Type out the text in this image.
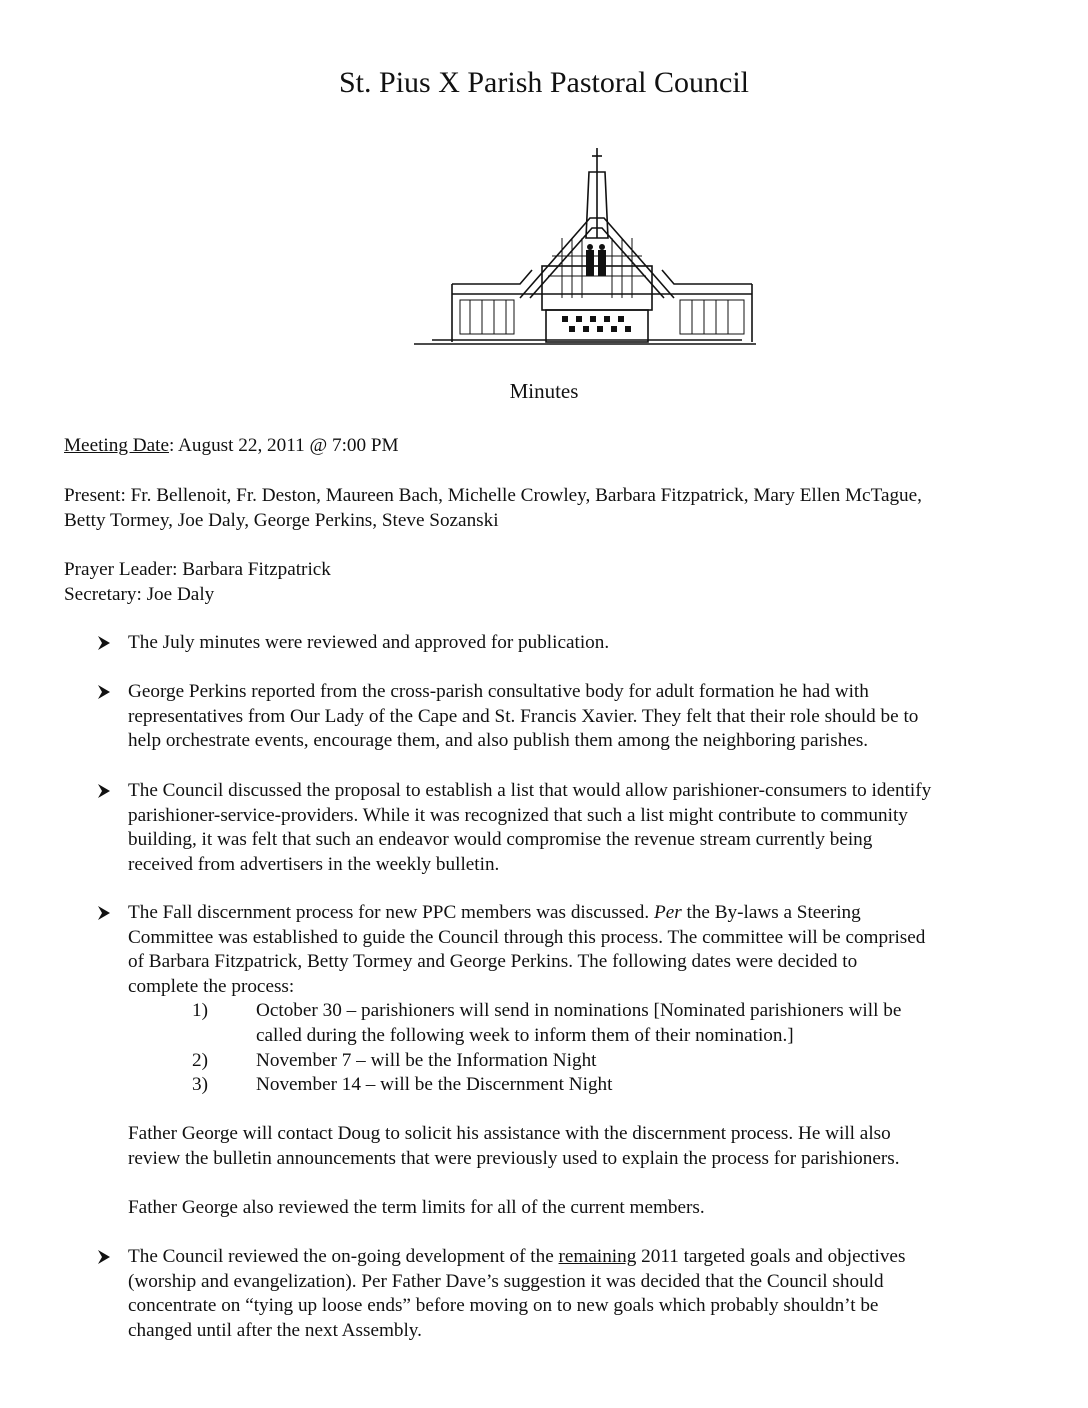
St. Pius X Parish Pastoral Council
Minutes
Meeting Date: August 22, 2011 @ 7:00 PM
Present: Fr. Bellenoit, Fr. Deston, Maureen Bach, Michelle Crowley, Barbara Fitzpatrick, Mary Ellen McTague,
Betty Tormey, Joe Daly, George Perkins, Steve Sozanski
Prayer Leader: Barbara Fitzpatrick
Secretary: Joe Daly
The July minutes were reviewed and approved for publication.
George Perkins reported from the cross-parish consultative body for adult formation he had with
representatives from Our Lady of the Cape and St. Francis Xavier. They felt that their role should be to
help orchestrate events, encourage them, and also publish them among the neighboring parishes.
The Council discussed the proposal to establish a list that would allow parishioner-consumers to identify
parishioner-service-providers. While it was recognized that such a list might contribute to community
building, it was felt that such an endeavor would compromise the revenue stream currently being
received from advertisers in the weekly bulletin.
The Fall discernment process for new PPC members was discussed. Per the By-laws a Steering
Committee was established to guide the Council through this process. The committee will be comprised
of Barbara Fitzpatrick, Betty Tormey and George Perkins. The following dates were decided to
complete the process:
1)	October 30 – parishioners will send in nominations [Nominated parishioners will be
called during the following week to inform them of their nomination.]
2)	November 7 – will be the Information Night
3)	November 14 – will be the Discernment Night
Father George will contact Doug to solicit his assistance with the discernment process. He will also
review the bulletin announcements that were previously used to explain the process for parishioners.
Father George also reviewed the term limits for all of the current members.
The Council reviewed the on-going development of the remaining 2011 targeted goals and objectives
(worship and evangelization). Per Father Dave’s suggestion it was decided that the Council should
concentrate on “tying up loose ends” before moving on to new goals which probably shouldn’t be
changed until after the next Assembly.
